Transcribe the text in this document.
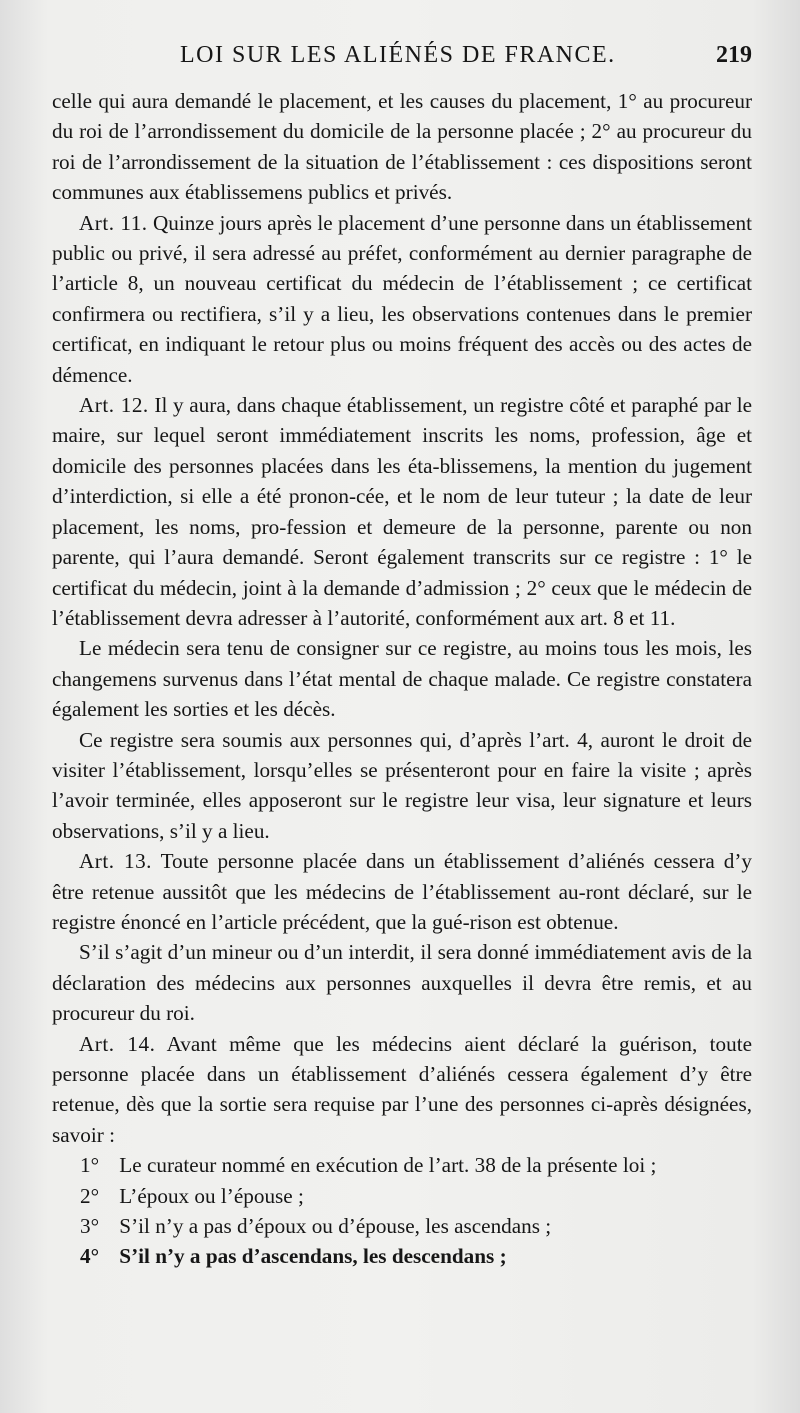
LOI SUR LES ALIÉNÉS DE FRANCE.	219

celle qui aura demandé le placement, et les causes du placement, 1° au procureur du roi de l’arrondissement du domicile de la personne placée ; 2° au procureur du roi de l’arrondissement de la situation de l’établissement : ces dispositions seront communes aux établissemens publics et privés.

Art. 11. Quinze jours après le placement d’une personne dans un établissement public ou privé, il sera adressé au préfet, conformément au dernier paragraphe de l’article 8, un nouveau certificat du médecin de l’établissement ; ce certificat confirmera ou rectifiera, s’il y a lieu, les observations contenues dans le premier certificat, en indiquant le retour plus ou moins fréquent des accès ou des actes de démence.

Art. 12. Il y aura, dans chaque établissement, un registre côté et paraphé par le maire, sur lequel seront immédiatement inscrits les noms, profession, âge et domicile des personnes placées dans les éta-blissemens, la mention du jugement d’interdiction, si elle a été pronon-cée, et le nom de leur tuteur ; la date de leur placement, les noms, pro-fession et demeure de la personne, parente ou non parente, qui l’aura demandé. Seront également transcrits sur ce registre : 1° le certificat du médecin, joint à la demande d’admission ; 2° ceux que le médecin de l’établissement devra adresser à l’autorité, conformément aux art. 8 et 11.

Le médecin sera tenu de consigner sur ce registre, au moins tous les mois, les changemens survenus dans l’état mental de chaque malade. Ce registre constatera également les sorties et les décès.

Ce registre sera soumis aux personnes qui, d’après l’art. 4, auront le droit de visiter l’établissement, lorsqu’elles se présenteront pour en faire la visite ; après l’avoir terminée, elles apposeront sur le registre leur visa, leur signature et leurs observations, s’il y a lieu.

Art. 13. Toute personne placée dans un établissement d’aliénés cessera d’y être retenue aussitôt que les médecins de l’établissement au-ront déclaré, sur le registre énoncé en l’article précédent, que la gué-rison est obtenue.

S’il s’agit d’un mineur ou d’un interdit, il sera donné immédiatement avis de la déclaration des médecins aux personnes auxquelles il devra être remis, et au procureur du roi.

Art. 14. Avant même que les médecins aient déclaré la guérison, toute personne placée dans un établissement d’aliénés cessera également d’y être retenue, dès que la sortie sera requise par l’une des personnes ci-après désignées, savoir :

1° Le curateur nommé en exécution de l’art. 38 de la présente loi ;
2° L’époux ou l’épouse ;
3° S’il n’y a pas d’époux ou d’épouse, les ascendans ;
4° S’il n’y a pas d’ascendans, les descendans ;
